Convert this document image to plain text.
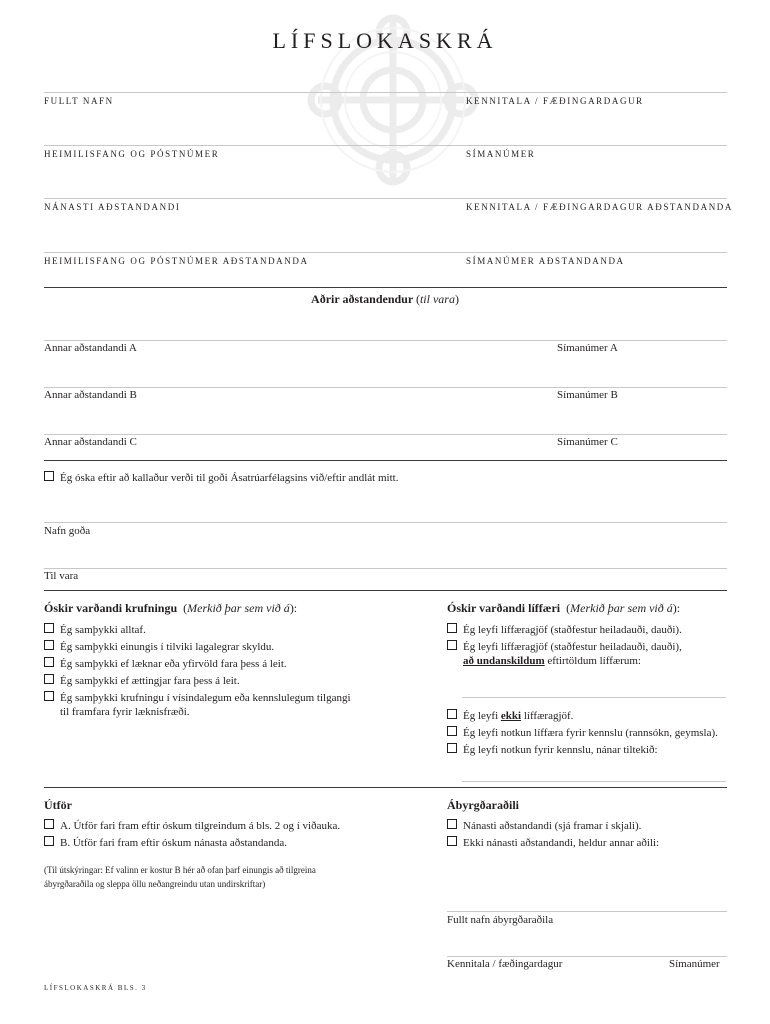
LÍFSLOKASKRÁ
FULLT NAFN	KENNITALA / FÆÐINGARDAGUR
HEIMILISFANG OG PÓSTNÚMER	SÍMANÚMER
NÁNASTI AÐSTANDANDI	KENNITALA / FÆÐINGARDAGUR AÐSTANDANDA
HEIMILISFANG OG PÓSTNÚMER AÐSTANDANDA	SÍMANÚMER AÐSTANDANDA
Aðrir aðstandendur (til vara)
Annar aðstandandi A	Símanúmer A
Annar aðstandandi B	Símanúmer B
Annar aðstandandi C	Símanúmer C
Ég óska eftir að kallaður verði til goði Ásatrúarfélagsins við/eftir andlát mitt.
Nafn goða
Til vara
Óskir varðandi krufningu  (Merkið þar sem við á):
Ég samþykki alltaf.
Ég samþykki einungis í tilviki lagalegrar skyldu.
Ég samþykki ef læknar eða yfirvöld fara þess á leit.
Ég samþykki ef ættingjar fara þess á leit.
Ég samþykki krufningu í vísindalegum eða kennslulegum tilgangi
til framfara fyrir læknisfræði.
Óskir varðandi líffæri  (Merkið þar sem við á):
Ég leyfi líffæragjöf (staðfestur heiladauði, dauði).
Ég leyfi líffæragjöf (staðfestur heiladauði, dauði),
að undanskildum eftirtöldum líffærum:
Ég leyfi ekki líffæragjöf.
Ég leyfi notkun líffæra fyrir kennslu (rannsókn, geymsla).
Ég leyfi notkun fyrir kennslu, nánar tiltekið:
Útför
A. Útför fari fram eftir óskum tilgreindum á bls. 2 og í viðauka.
B. Útför fari fram eftir óskum nánasta aðstandanda.
(Til útskýringar: Ef valinn er kostur B hér að ofan þarf einungis að tilgreina
ábyrgðaraðila og sleppa öllu neðangreindu utan undirskriftar)
Ábyrgðaraðili
Nánasti aðstandandi (sjá framar í skjali).
Ekki nánasti aðstandandi, heldur annar aðili:
Fullt nafn ábyrgðaraðila
Kennitala / fæðingardagur	Símanúmer
LÍFSLOKASKRÁ BLS. 3
